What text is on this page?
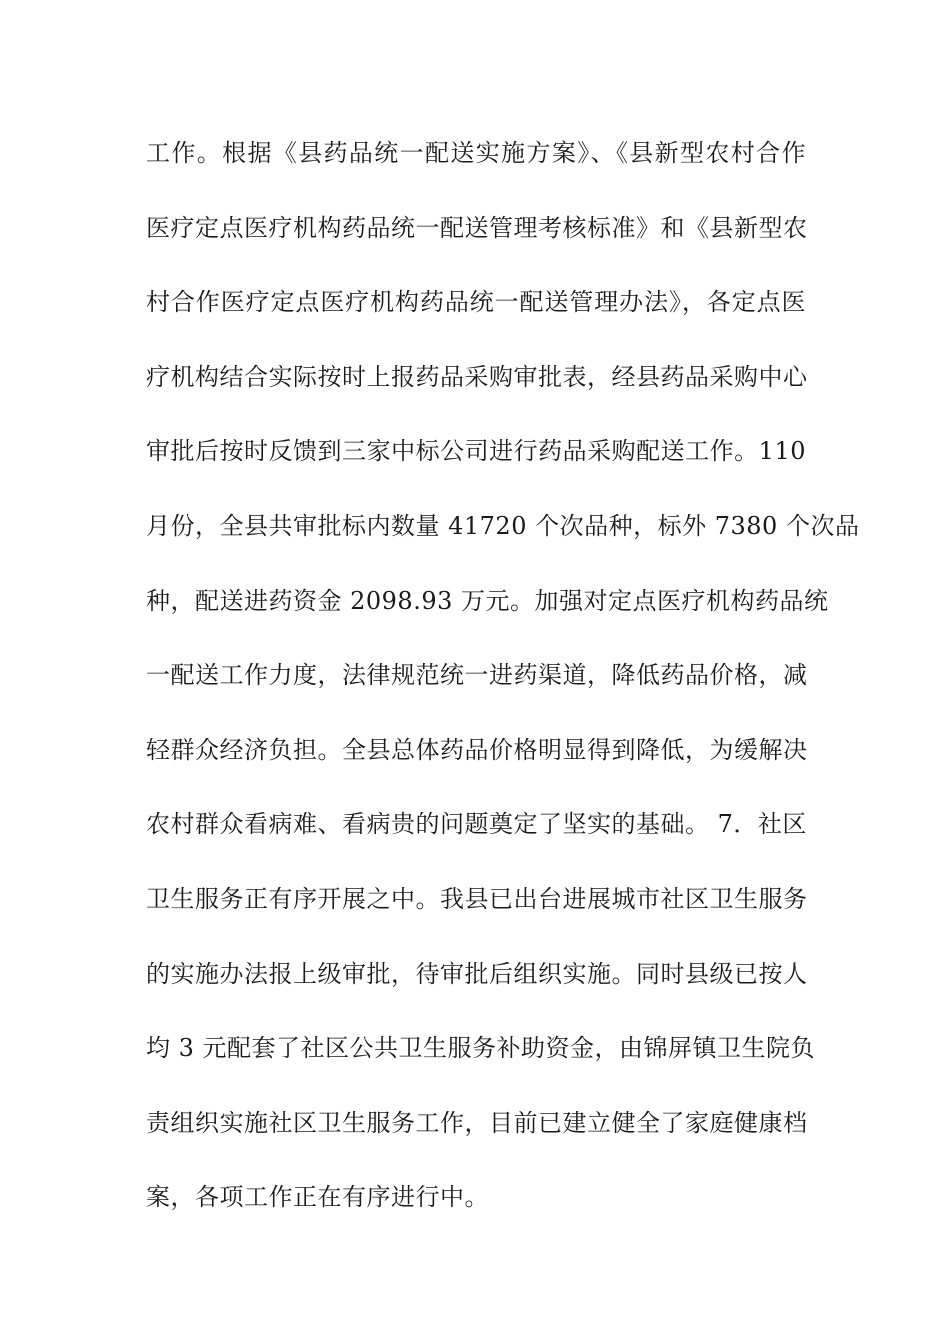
工作。根据《县药品统一配送实施方案》、《县新型农村合作
医疗定点医疗机构药品统一配送管理考核标准》和《县新型农
村合作医疗定点医疗机构药品统一配送管理办法》，各定点医
疗机构结合实际按时上报药品采购审批表，经县药品采购中心
审批后按时反馈到三家中标公司进行药品采购配送工作。110
月份，全县共审批标内数量 41720 个次品种，标外 7380 个次品
种，配送进药资金 2098.93 万元。加强对定点医疗机构药品统
一配送工作力度，法律规范统一进药渠道，降低药品价格，减
轻群众经济负担。全县总体药品价格明显得到降低，为缓解决
农村群众看病难、看病贵的问题奠定了坚实的基础。 7．社区
卫生服务正有序开展之中。我县已出台进展城市社区卫生服务
的实施办法报上级审批，待审批后组织实施。同时县级已按人
均 3 元配套了社区公共卫生服务补助资金，由锦屏镇卫生院负
责组织实施社区卫生服务工作，目前已建立健全了家庭健康档
案，各项工作正在有序进行中。
